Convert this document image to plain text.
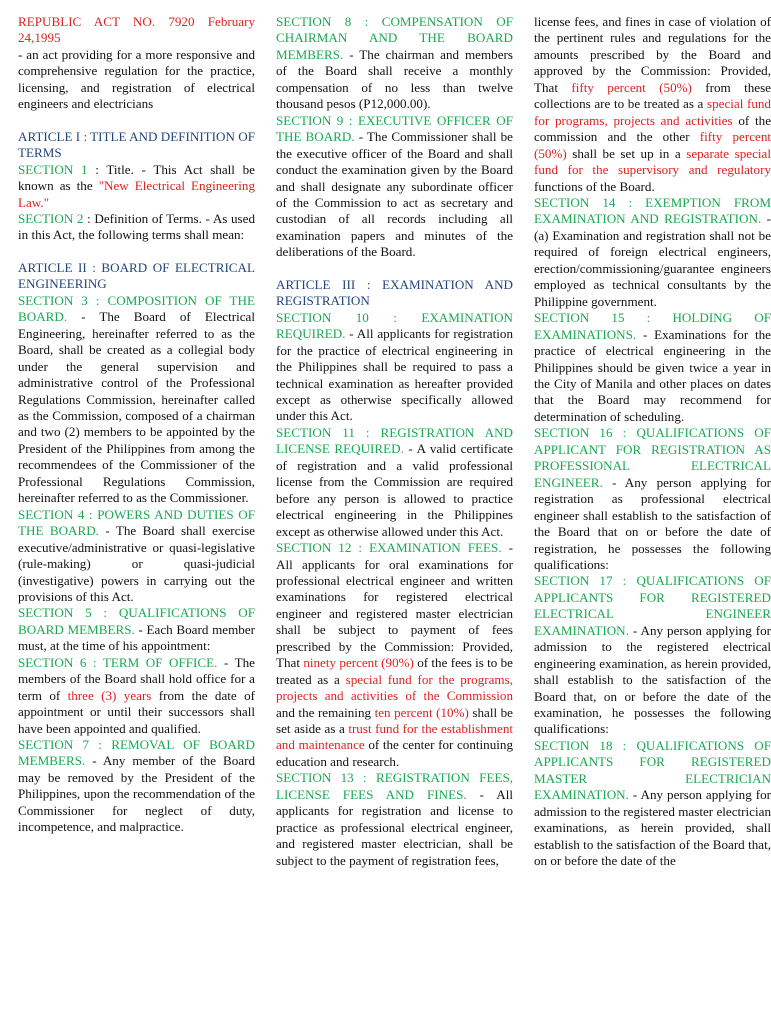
REPUBLIC ACT NO. 7920 February 24,1995

- an act providing for a more responsive and comprehensive regulation for the practice, licensing, and registration of electrical engineers and electricians

ARTICLE I : TITLE AND DEFINITION OF TERMS

SECTION 1 : Title. - This Act shall be known as the "New Electrical Engineering Law."

SECTION 2 : Definition of Terms. - As used in this Act, the following terms shall mean:

ARTICLE II : BOARD OF ELECTRICAL ENGINEERING

SECTION 3 : COMPOSITION OF THE BOARD. - The Board of Electrical Engineering, hereinafter referred to as the Board, shall be created as a collegial body under the general supervision and administrative control of the Professional Regulations Commission, hereinafter called as the Commission, composed of a chairman and two (2) members to be appointed by the President of the Philippines from among the recommendees of the Commissioner of the Professional Regulations Commission, hereinafter referred to as the Commissioner.

SECTION 4 : POWERS AND DUTIES OF THE BOARD. - The Board shall exercise executive/administrative or quasi-legislative (rule-making) or quasi-judicial (investigative) powers in carrying out the provisions of this Act.

SECTION 5 : QUALIFICATIONS OF BOARD MEMBERS. - Each Board member must, at the time of his appointment:

SECTION 6 : TERM OF OFFICE. - The members of the Board shall hold office for a term of three (3) years from the date of appointment or until their successors shall have been appointed and qualified.

SECTION 7 : REMOVAL OF BOARD MEMBERS. - Any member of the Board may be removed by the President of the Philippines, upon the recommendation of the Commissioner for neglect of duty, incompetence, and malpractice.

SECTION 8 : COMPENSATION OF CHAIRMAN AND THE BOARD MEMBERS. - The chairman and members of the Board shall receive a monthly compensation of no less than twelve thousand pesos (P12,000.00).

SECTION 9 : EXECUTIVE OFFICER OF THE BOARD. - The Commissioner shall be the executive officer of the Board and shall conduct the examination given by the Board and shall designate any subordinate officer of the Commission to act as secretary and custodian of all records including all examination papers and minutes of the deliberations of the Board.

ARTICLE III : EXAMINATION AND REGISTRATION

SECTION 10 : EXAMINATION REQUIRED. - All applicants for registration for the practice of electrical engineering in the Philippines shall be required to pass a technical examination as hereafter provided except as otherwise specifically allowed under this Act.

SECTION 11 : REGISTRATION AND LICENSE REQUIRED. - A valid certificate of registration and a valid professional license from the Commission are required before any person is allowed to practice electrical engineering in the Philippines except as otherwise allowed under this Act.

SECTION 12 : EXAMINATION FEES. - All applicants for oral examinations for professional electrical engineer and written examinations for registered electrical engineer and registered master electrician shall be subject to payment of fees prescribed by the Commission: Provided, That ninety percent (90%) of the fees is to be treated as a special fund for the programs, projects and activities of the Commission and the remaining ten percent (10%) shall be set aside as a trust fund for the establishment and maintenance of the center for continuing education and research.

SECTION 13 : REGISTRATION FEES, LICENSE FEES AND FINES. - All applicants for registration and license to practice as professional electrical engineer, and registered master electrician, shall be subject to the payment of registration fees,

license fees, and fines in case of violation of the pertinent rules and regulations for the amounts prescribed by the Board and approved by the Commission: Provided, That fifty percent (50%) from these collections are to be treated as a special fund for programs, projects and activities of the commission and the other fifty percent (50%) shall be set up in a separate special fund for the supervisory and regulatory functions of the Board.

SECTION 14 : EXEMPTION FROM EXAMINATION AND REGISTRATION. - (a) Examination and registration shall not be required of foreign electrical engineers, erection/commissioning/guarantee engineers employed as technical consultants by the Philippine government.

SECTION 15 : HOLDING OF EXAMINATIONS. - Examinations for the practice of electrical engineering in the Philippines should be given twice a year in the City of Manila and other places on dates that the Board may recommend for determination of scheduling.

SECTION 16 : QUALIFICATIONS OF APPLICANT FOR REGISTRATION AS PROFESSIONAL ELECTRICAL ENGINEER. - Any person applying for registration as professional electrical engineer shall establish to the satisfaction of the Board that on or before the date of registration, he possesses the following qualifications:

SECTION 17 : QUALIFICATIONS OF APPLICANTS FOR REGISTERED ELECTRICAL ENGINEER EXAMINATION. - Any person applying for admission to the registered electrical engineering examination, as herein provided, shall establish to the satisfaction of the Board that, on or before the date of the examination, he possesses the following qualifications:

SECTION 18 : QUALIFICATIONS OF APPLICANTS FOR REGISTERED MASTER ELECTRICIAN EXAMINATION. - Any person applying for admission to the registered master electrician examinations, as herein provided, shall establish to the satisfaction of the Board that, on or before the date of the
